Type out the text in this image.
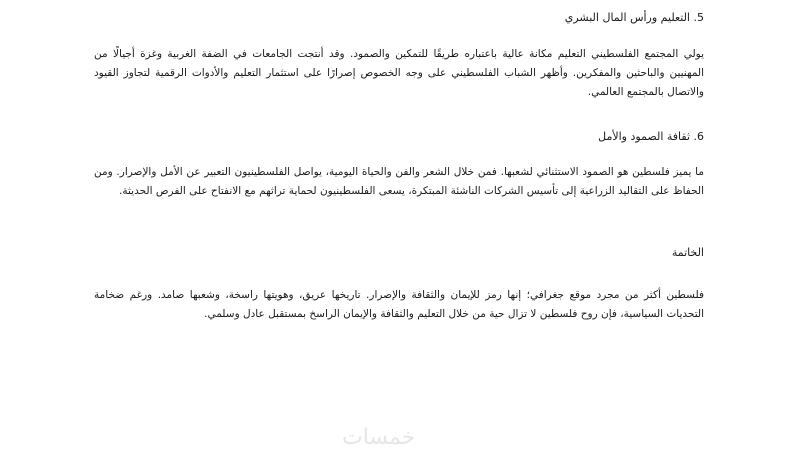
5. التعليم ورأس المال البشري
يولي المجتمع الفلسطيني التعليم مكانة عالية باعتباره طريقًا للتمكين والصمود. وقد أنتجت الجامعات في الضفة الغربية وغزة أجيالًا من المهنيين والباحثين والمفكرين. وأظهر الشباب الفلسطيني على وجه الخصوص إصرارًا على استثمار التعليم والأدوات الرقمية لتجاوز القيود والاتصال بالمجتمع العالمي.
6. ثقافة الصمود والأمل
ما يميز فلسطين هو الصمود الاستثنائي لشعبها. فمن خلال الشعر والفن والحياة اليومية، يواصل الفلسطينيون التعبير عن الأمل والإصرار. ومن الحفاظ على التقاليد الزراعية إلى تأسيس الشركات الناشئة المبتكرة، يسعى الفلسطينيون لحماية تراثهم مع الانفتاح على الفرص الحديثة.
الخاتمة
فلسطين أكثر من مجرد موقع جغرافي؛ إنها رمز للإيمان والثقافة والإصرار. تاريخها عريق، وهويتها راسخة، وشعبها صامد. ورغم ضخامة التحديات السياسية، فإن روح فلسطين لا تزال حية من خلال التعليم والثقافة والإيمان الراسخ بمستقبل عادل وسلمي.
خمسات
